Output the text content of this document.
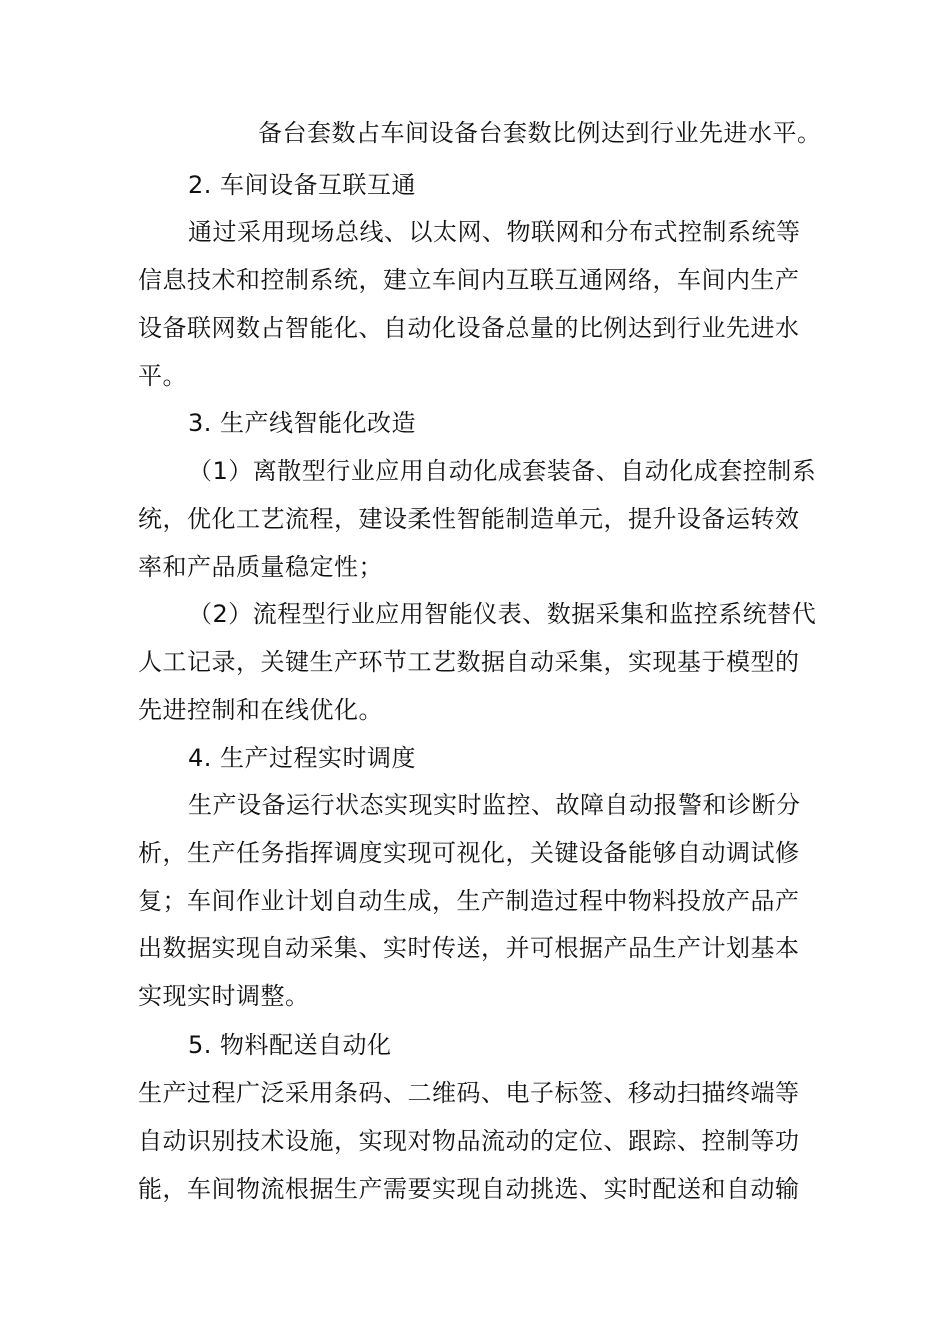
备台套数占车间设备台套数比例达到行业先进水平。
2. 车间设备互联互通
通过采用现场总线、以太网、物联网和分布式控制系统等
信息技术和控制系统，建立车间内互联互通网络，车间内生产
设备联网数占智能化、自动化设备总量的比例达到行业先进水
平。
3. 生产线智能化改造
（1）离散型行业应用自动化成套装备、自动化成套控制系
统，优化工艺流程，建设柔性智能制造单元，提升设备运转效
率和产品质量稳定性；
（2）流程型行业应用智能仪表、数据采集和监控系统替代
人工记录，关键生产环节工艺数据自动采集，实现基于模型的
先进控制和在线优化。
4. 生产过程实时调度
生产设备运行状态实现实时监控、故障自动报警和诊断分
析，生产任务指挥调度实现可视化，关键设备能够自动调试修
复；车间作业计划自动生成，生产制造过程中物料投放产品产
出数据实现自动采集、实时传送，并可根据产品生产计划基本
实现实时调整。
5. 物料配送自动化
生产过程广泛采用条码、二维码、电子标签、移动扫描终端等
自动识别技术设施，实现对物品流动的定位、跟踪、控制等功
能，车间物流根据生产需要实现自动挑选、实时配送和自动输
